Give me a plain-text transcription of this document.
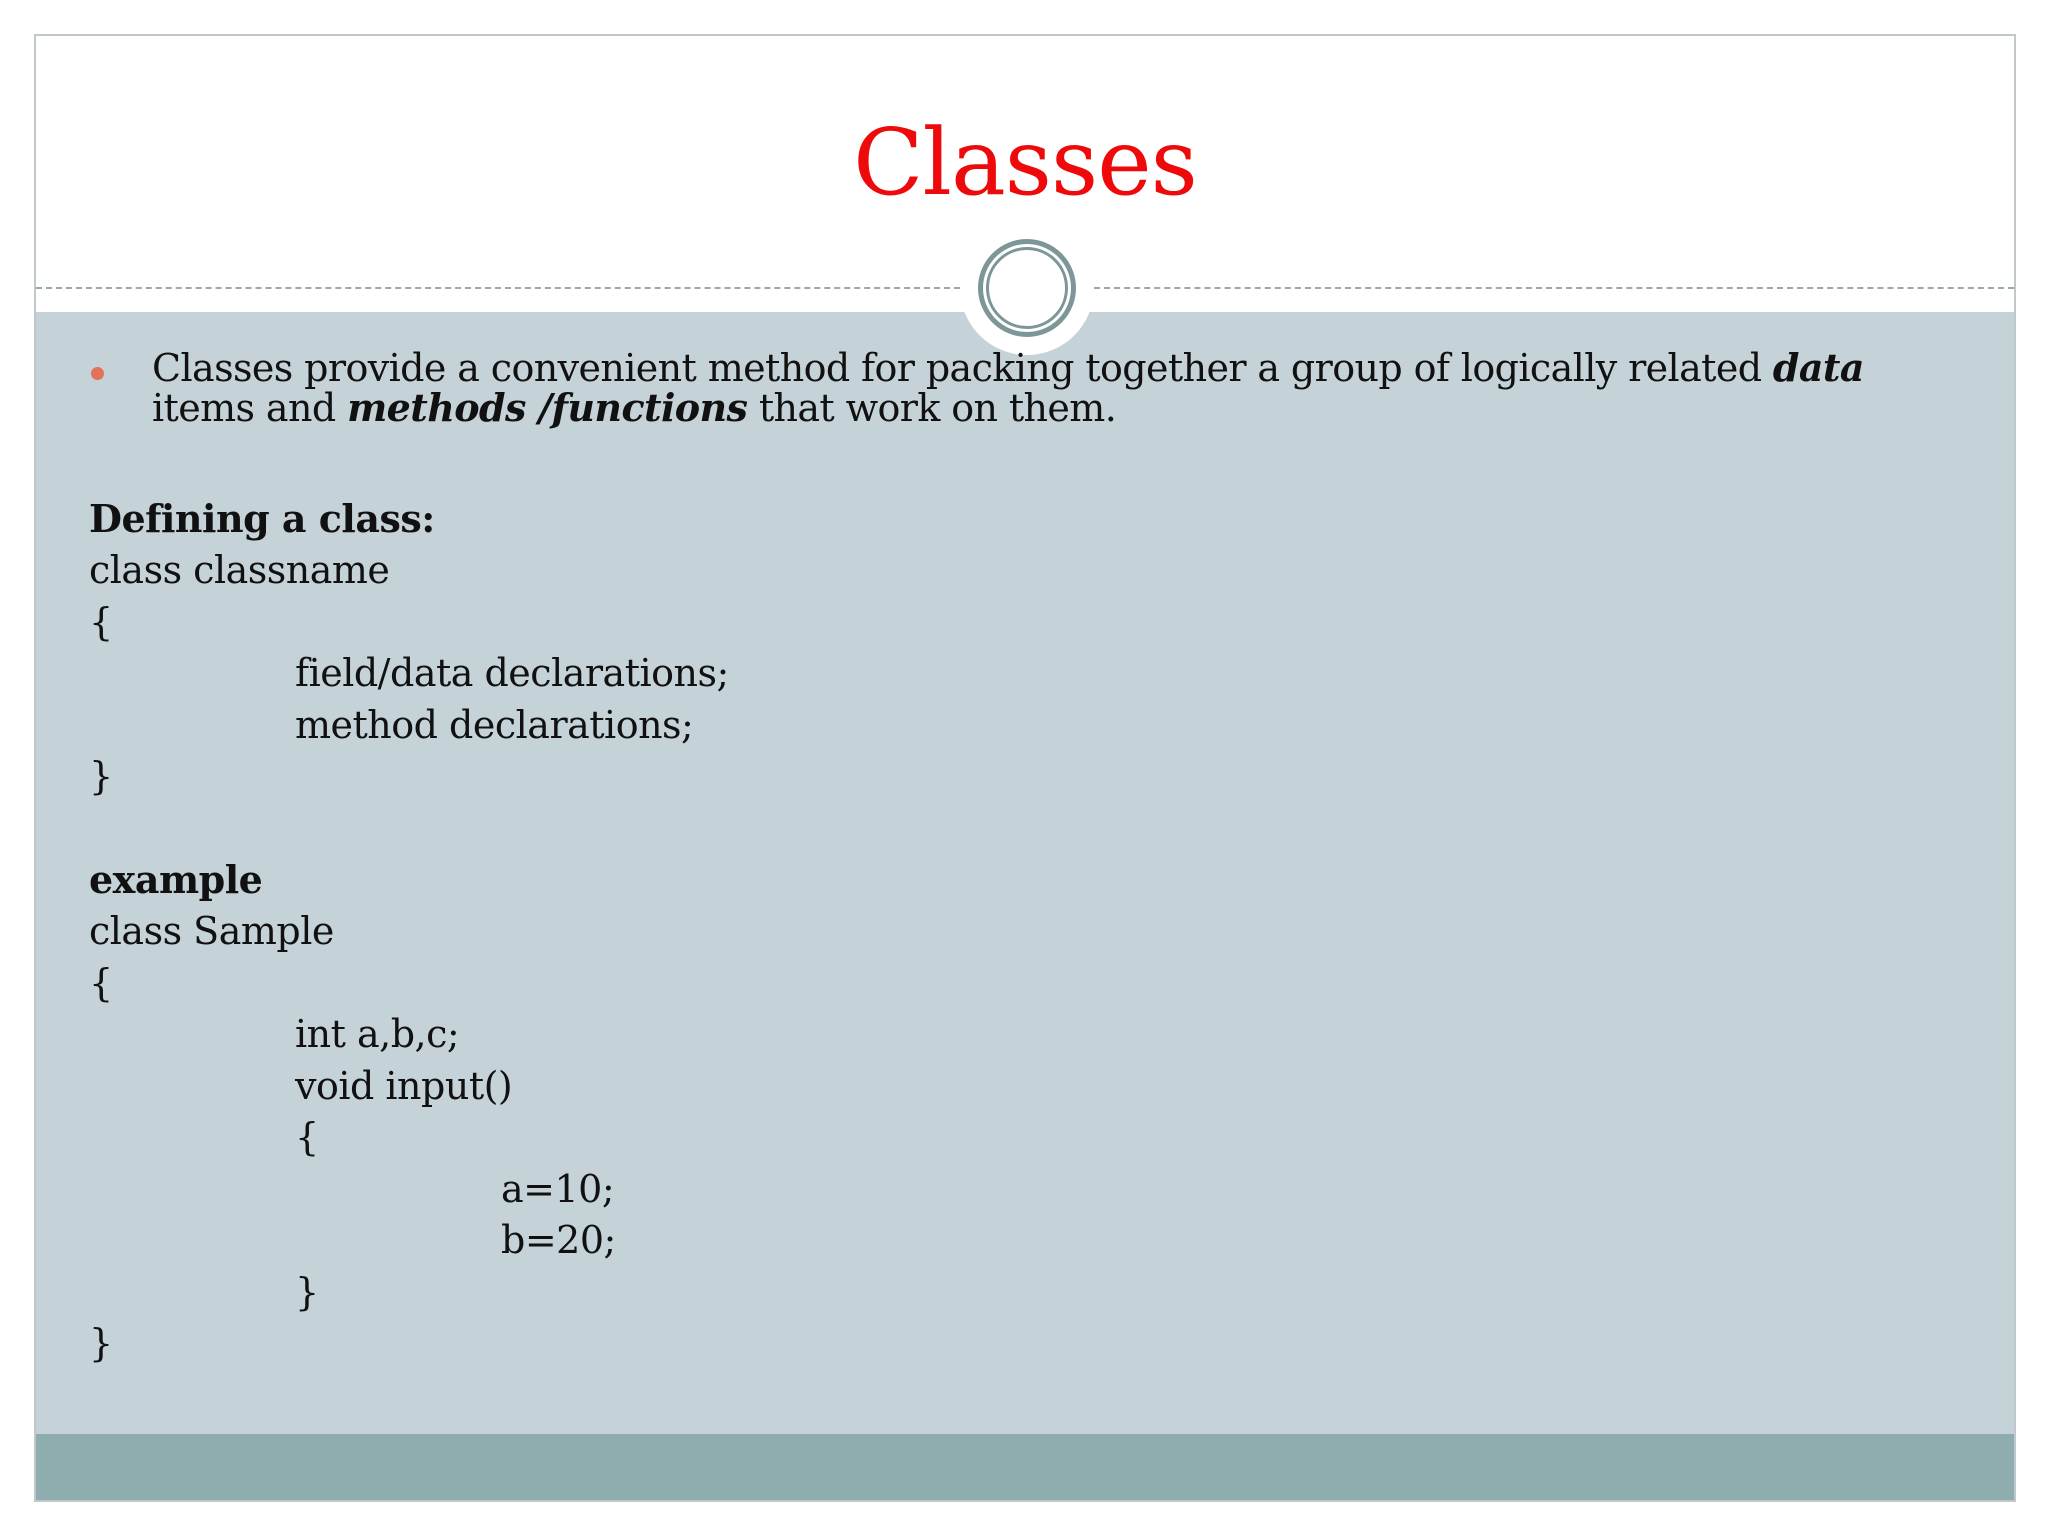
Classes
Classes provide a convenient method for packing together a group of logically related data items and methods /functions that work on them.
Defining a class:
class classname
{
field/data declarations;
method declarations;
}
example
class Sample
{
int a,b,c;
void input()
{
a=10;
b=20;
}
}
